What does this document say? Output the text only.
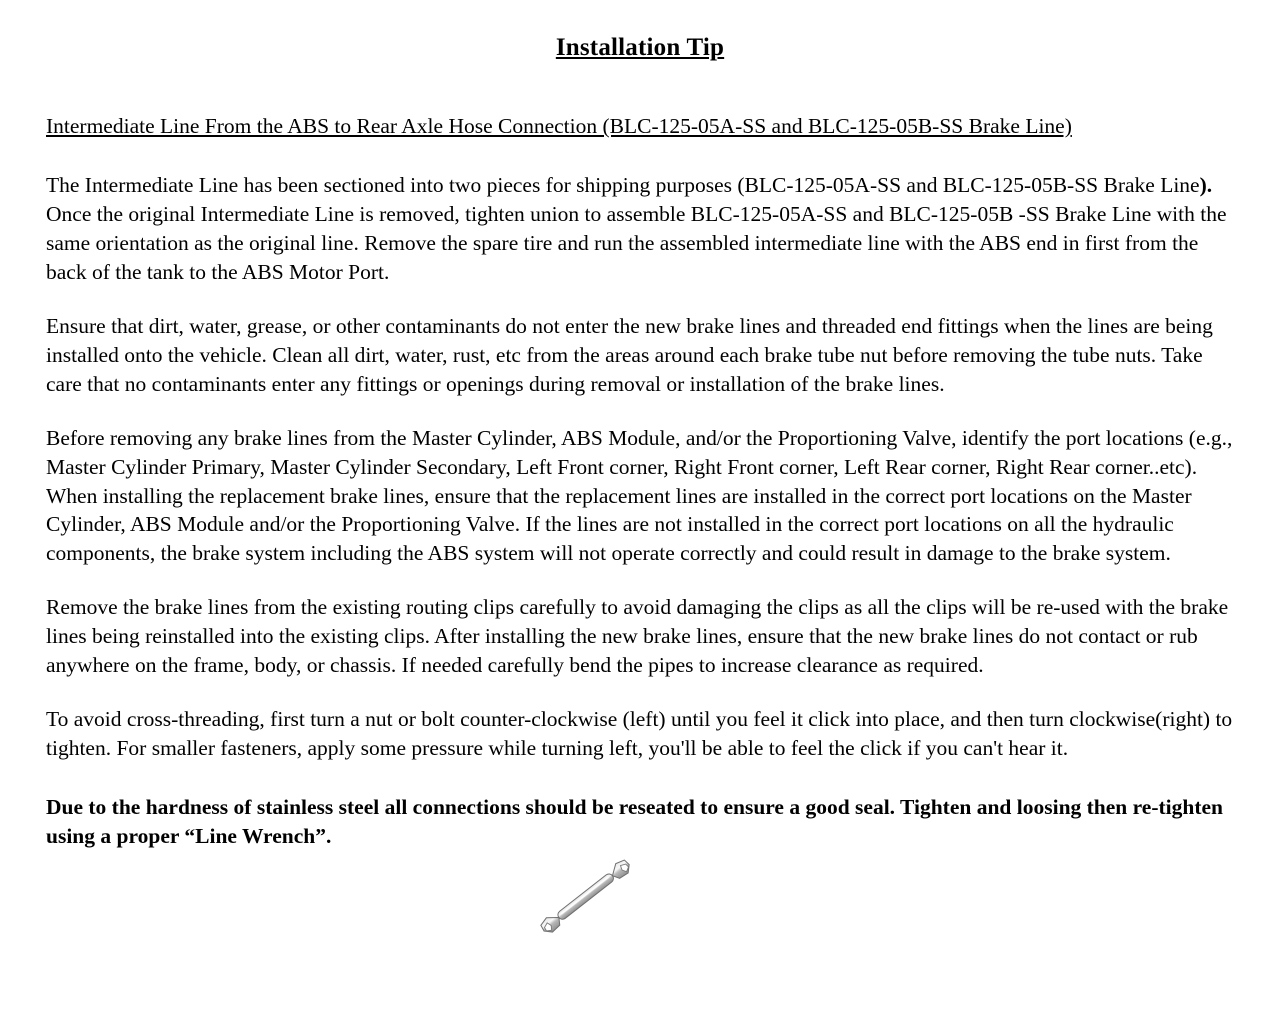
Installation Tip
Intermediate Line From the ABS to Rear Axle Hose Connection (BLC-125-05A-SS and BLC-125-05B-SS Brake Line)

The Intermediate Line has been sectioned into two pieces for shipping purposes (BLC-125-05A-SS and BLC-125-05B-SS Brake Line). Once the original Intermediate Line is removed, tighten union to assemble BLC-125-05A-SS and BLC-125-05B -SS Brake Line with the same orientation as the original line. Remove the spare tire and run the assembled intermediate line with the ABS end in first from the back of the tank to the ABS Motor Port.

Ensure that dirt, water, grease, or other contaminants do not enter the new brake lines and threaded end fittings when the lines are being installed onto the vehicle. Clean all dirt, water, rust, etc from the areas around each brake tube nut before removing the tube nuts. Take care that no contaminants enter any fittings or openings during removal or installation of the brake lines.

Before removing any brake lines from the Master Cylinder, ABS Module, and/or the Proportioning Valve, identify the port locations (e.g., Master Cylinder Primary, Master Cylinder Secondary, Left Front corner, Right Front corner, Left Rear corner, Right Rear corner..etc). When installing the replacement brake lines, ensure that the replacement lines are installed in the correct port locations on the Master Cylinder, ABS Module and/or the Proportioning Valve. If the lines are not installed in the correct port locations on all the hydraulic components, the brake system including the ABS system will not operate correctly and could result in damage to the brake system.

Remove the brake lines from the existing routing clips carefully to avoid damaging the clips as all the clips will be re-used with the brake lines being reinstalled into the existing clips. After installing the new brake lines, ensure that the new brake lines do not contact or rub anywhere on the frame, body, or chassis. If needed carefully bend the pipes to increase clearance as required.

To avoid cross-threading, first turn a nut or bolt counter-clockwise (left) until you feel it click into place, and then turn clockwise(right) to tighten. For smaller fasteners, apply some pressure while turning left, you'll be able to feel the click if you can't hear it.

Due to the hardness of stainless steel all connections should be reseated to ensure a good seal. Tighten and loosing then re-tighten using a proper “Line Wrench”.
